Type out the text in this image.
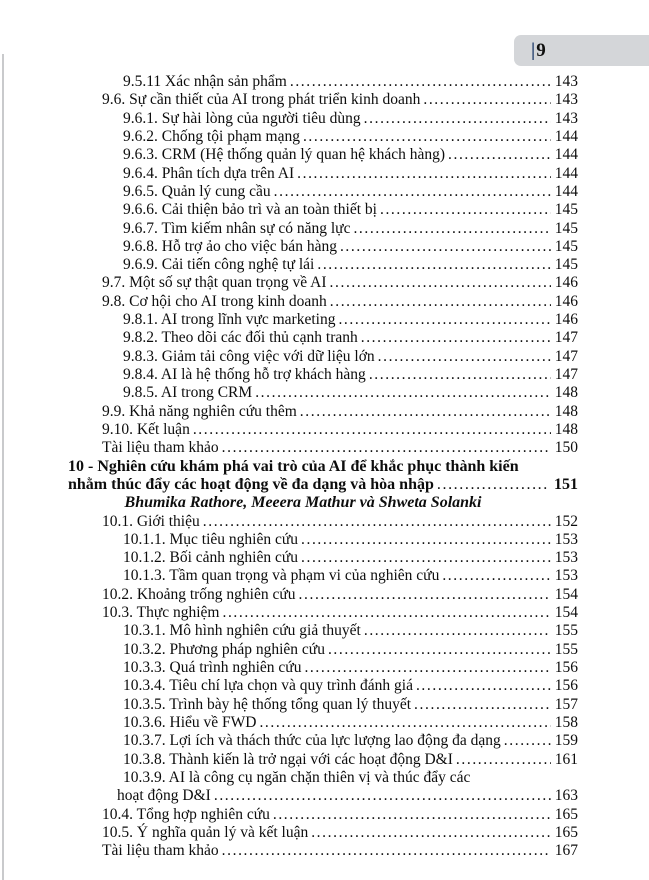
| 9
9.5.11 Xác nhận sản phẩm .....	143
9.6. Sự cần thiết của AI trong phát triển kinh doanh .....	143
9.6.1. Sự hài lòng của người tiêu dùng .....	143
9.6.2. Chống tội phạm mạng .....	144
9.6.3. CRM (Hệ thống quản lý quan hệ khách hàng) .....	144
9.6.4. Phân tích dựa trên AI .....	144
9.6.5. Quản lý cung cầu .....	144
9.6.6. Cải thiện bảo trì và an toàn thiết bị .....	145
9.6.7. Tìm kiếm nhân sự có năng lực .....	145
9.6.8. Hỗ trợ ảo cho việc bán hàng .....	145
9.6.9. Cải tiến công nghệ tự lái .....	145
9.7. Một số sự thật quan trọng về AI .....	146
9.8. Cơ hội cho AI trong kinh doanh .....	146
9.8.1. AI trong lĩnh vực marketing .....	146
9.8.2. Theo dõi các đối thủ cạnh tranh .....	147
9.8.3. Giảm tải công việc với dữ liệu lớn .....	147
9.8.4. AI là hệ thống hỗ trợ khách hàng .....	147
9.8.5. AI trong CRM .....	148
9.9. Khả năng nghiên cứu thêm .....	148
9.10. Kết luận .....	148
Tài liệu tham khảo .....	150
10 - Nghiên cứu khám phá vai trò của AI để khắc phục thành kiến
nhằm thúc đẩy các hoạt động về đa dạng và hòa nhập .....	151
Bhumika Rathore, Meeera Mathur và Shweta Solanki
10.1. Giới thiệu .....	152
10.1.1. Mục tiêu nghiên cứu .....	153
10.1.2. Bối cảnh nghiên cứu .....	153
10.1.3. Tầm quan trọng và phạm vi của nghiên cứu .....	153
10.2. Khoảng trống nghiên cứu .....	154
10.3. Thực nghiệm .....	154
10.3.1. Mô hình nghiên cứu giả thuyết .....	155
10.3.2. Phương pháp nghiên cứu .....	155
10.3.3. Quá trình nghiên cứu .....	156
10.3.4. Tiêu chí lựa chọn và quy trình đánh giá .....	156
10.3.5. Trình bày hệ thống tổng quan lý thuyết .....	157
10.3.6. Hiểu về FWD .....	158
10.3.7. Lợi ích và thách thức của lực lượng lao động đa dạng .....	159
10.3.8. Thành kiến là trở ngại với các hoạt động D&I .....	161
10.3.9. AI là công cụ ngăn chặn thiên vị và thúc đẩy các
hoạt động D&I .....	163
10.4. Tổng hợp nghiên cứu .....	165
10.5. Ý nghĩa quản lý và kết luận .....	165
Tài liệu tham khảo .....	167
